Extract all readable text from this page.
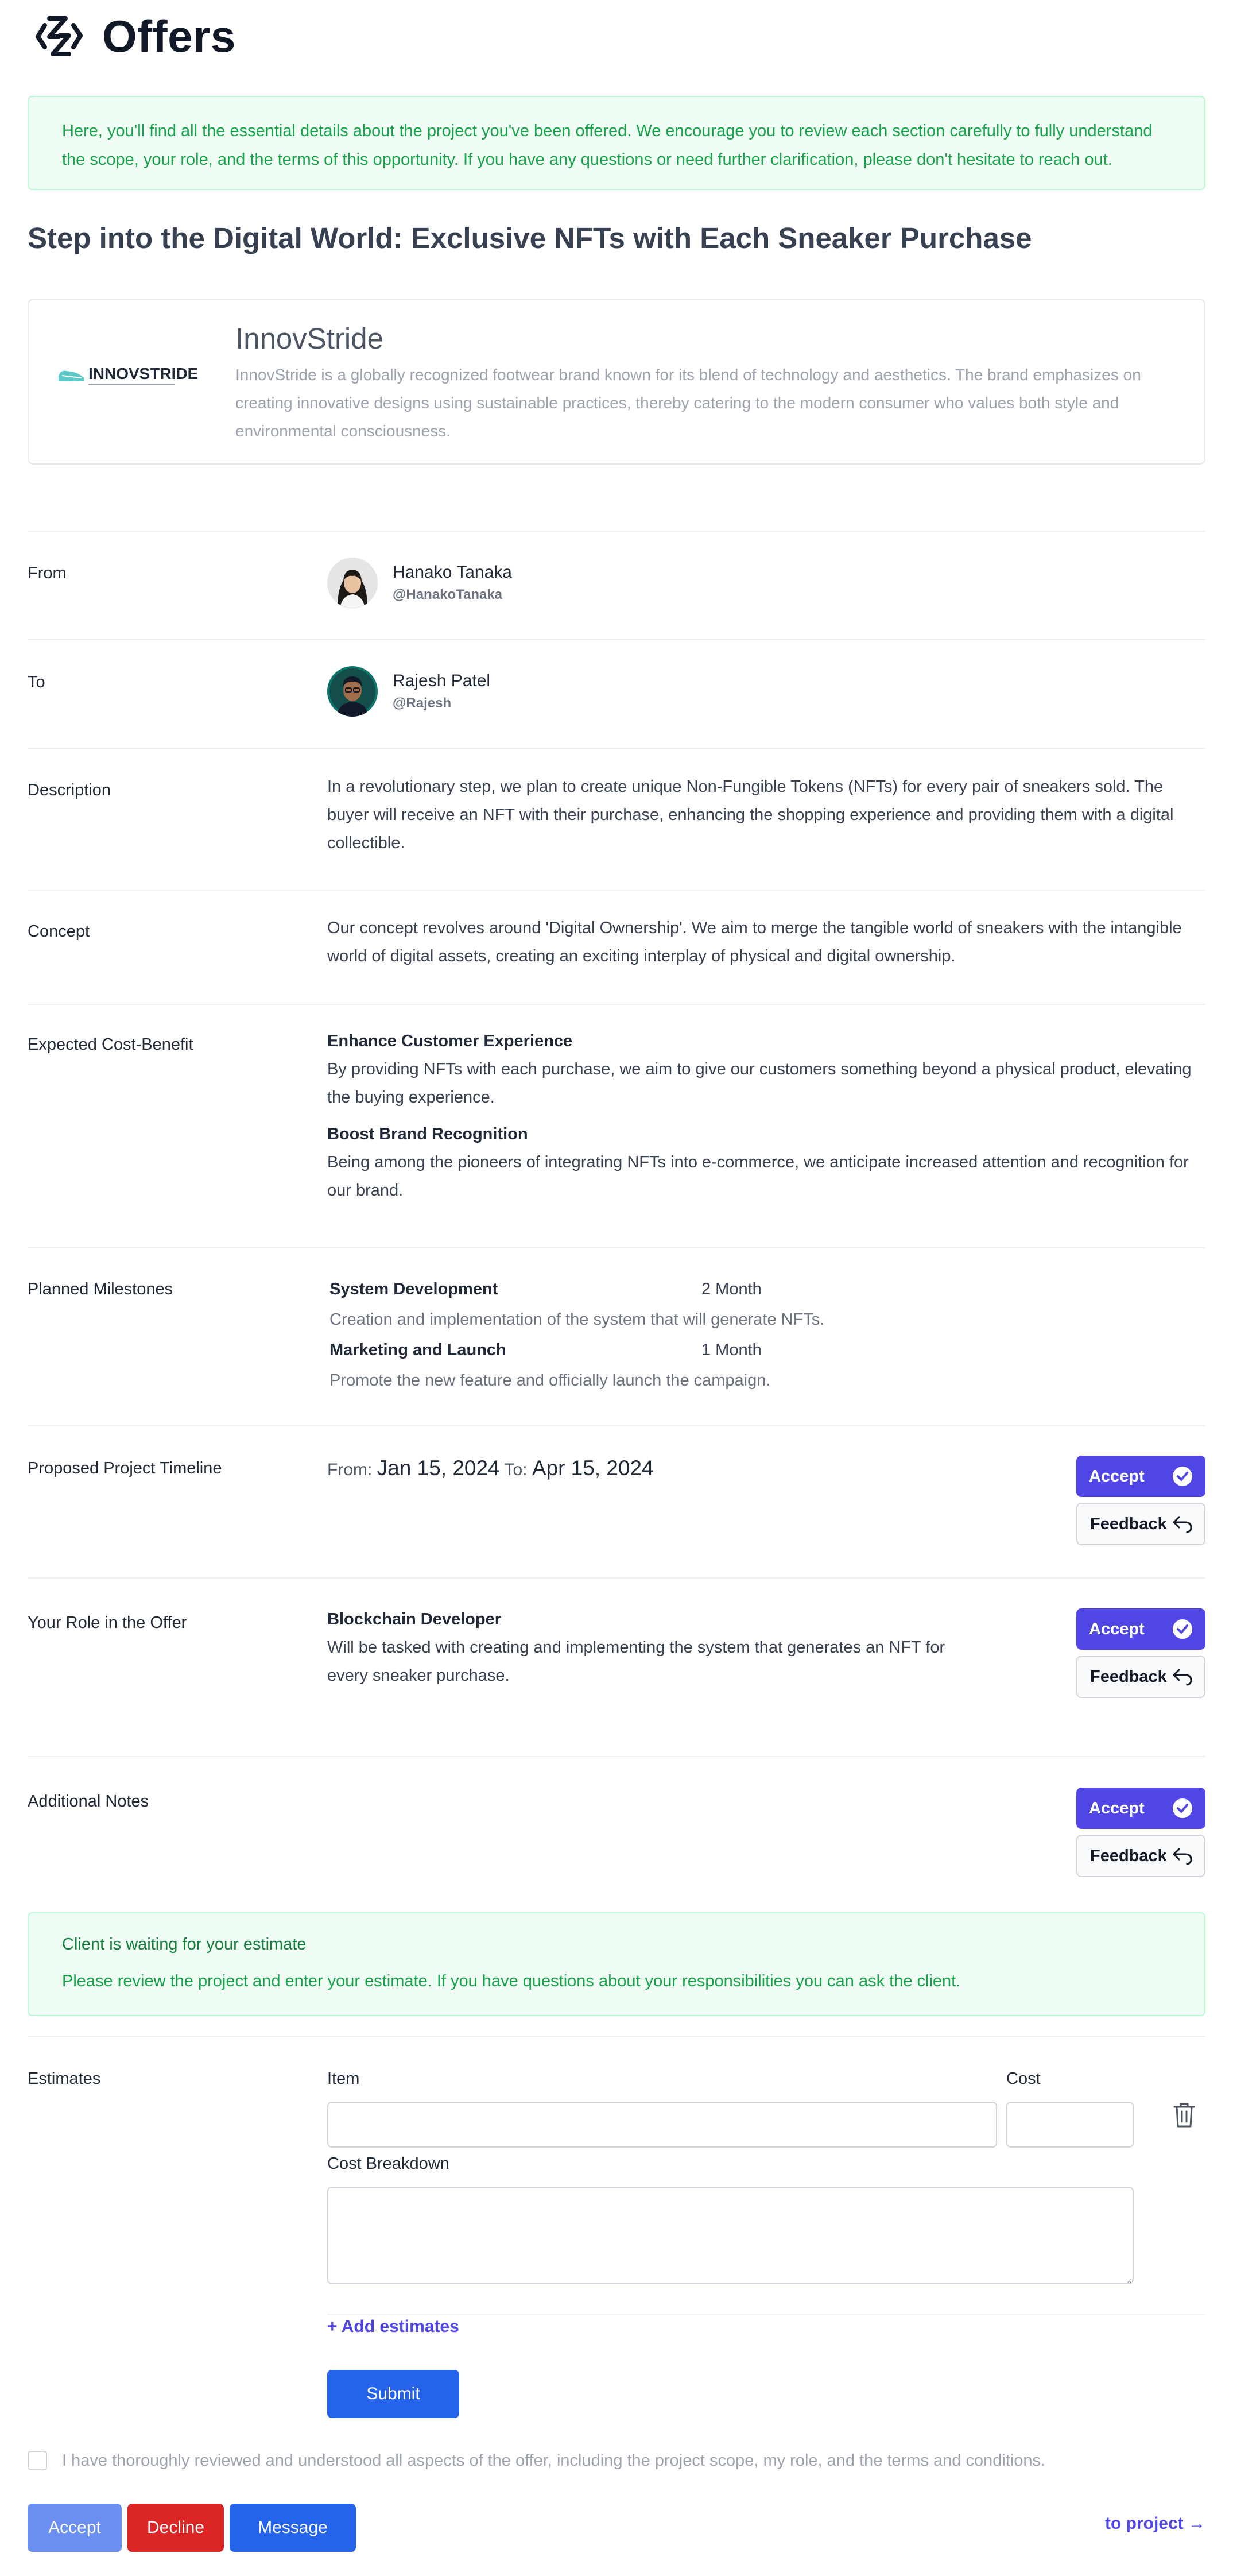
Offers
Here, you'll find all the essential details about the project you've been offered. We encourage you to review each section carefully to fully understand the scope, your role, and the terms of this opportunity. If you have any questions or need further clarification, please don't hesitate to reach out.
Step into the Digital World: Exclusive NFTs with Each Sneaker Purchase
INNOVSTRIDE
InnovStride

InnovStride is a globally recognized footwear brand known for its blend of technology and aesthetics. The brand emphasizes on creating innovative designs using sustainable practices, thereby catering to the modern consumer who values both style and environmental consciousness.

From	Hanako Tanaka
@HanakoTanaka
To	Rajesh Patel
@Rajesh
Description	In a revolutionary step, we plan to create unique Non-Fungible Tokens (NFTs) for every pair of sneakers sold. The buyer will receive an NFT with their purchase, enhancing the shopping experience and providing them with a digital collectible.

Concept	Our concept revolves around 'Digital Ownership'. We aim to merge the tangible world of sneakers with the intangible world of digital assets, creating an exciting interplay of physical and digital ownership.

Expected Cost-Benefit	Enhance Customer Experience
By providing NFTs with each purchase, we aim to give our customers something beyond a physical product, elevating the buying experience.
Boost Brand Recognition
Being among the pioneers of integrating NFTs into e-commerce, we anticipate increased attention and recognition for our brand.
Planned Milestones	System Development	2 Month
Creation and implementation of the system that will generate NFTs.
Marketing and Launch	1 Month
Promote the new feature and officially launch the campaign.
Proposed Project Timeline	From: Jan 15, 2024 To: Apr 15, 2024	Accept
Feedback
Your Role in the Offer	Blockchain Developer
Will be tasked with creating and implementing the system that generates an NFT for every sneaker purchase.
Accept
Feedback
Additional Notes	Accept
Feedback
Client is waiting for your estimate
Please review the project and enter your estimate. If you have questions about your responsibilities you can ask the client.
Estimates	Item	Cost
Cost Breakdown
+ Add estimates
Submit
I have thoroughly reviewed and understood all aspects of the offer, including the project scope, my role, and the terms and conditions.
Accept	Decline	Message	to project →
